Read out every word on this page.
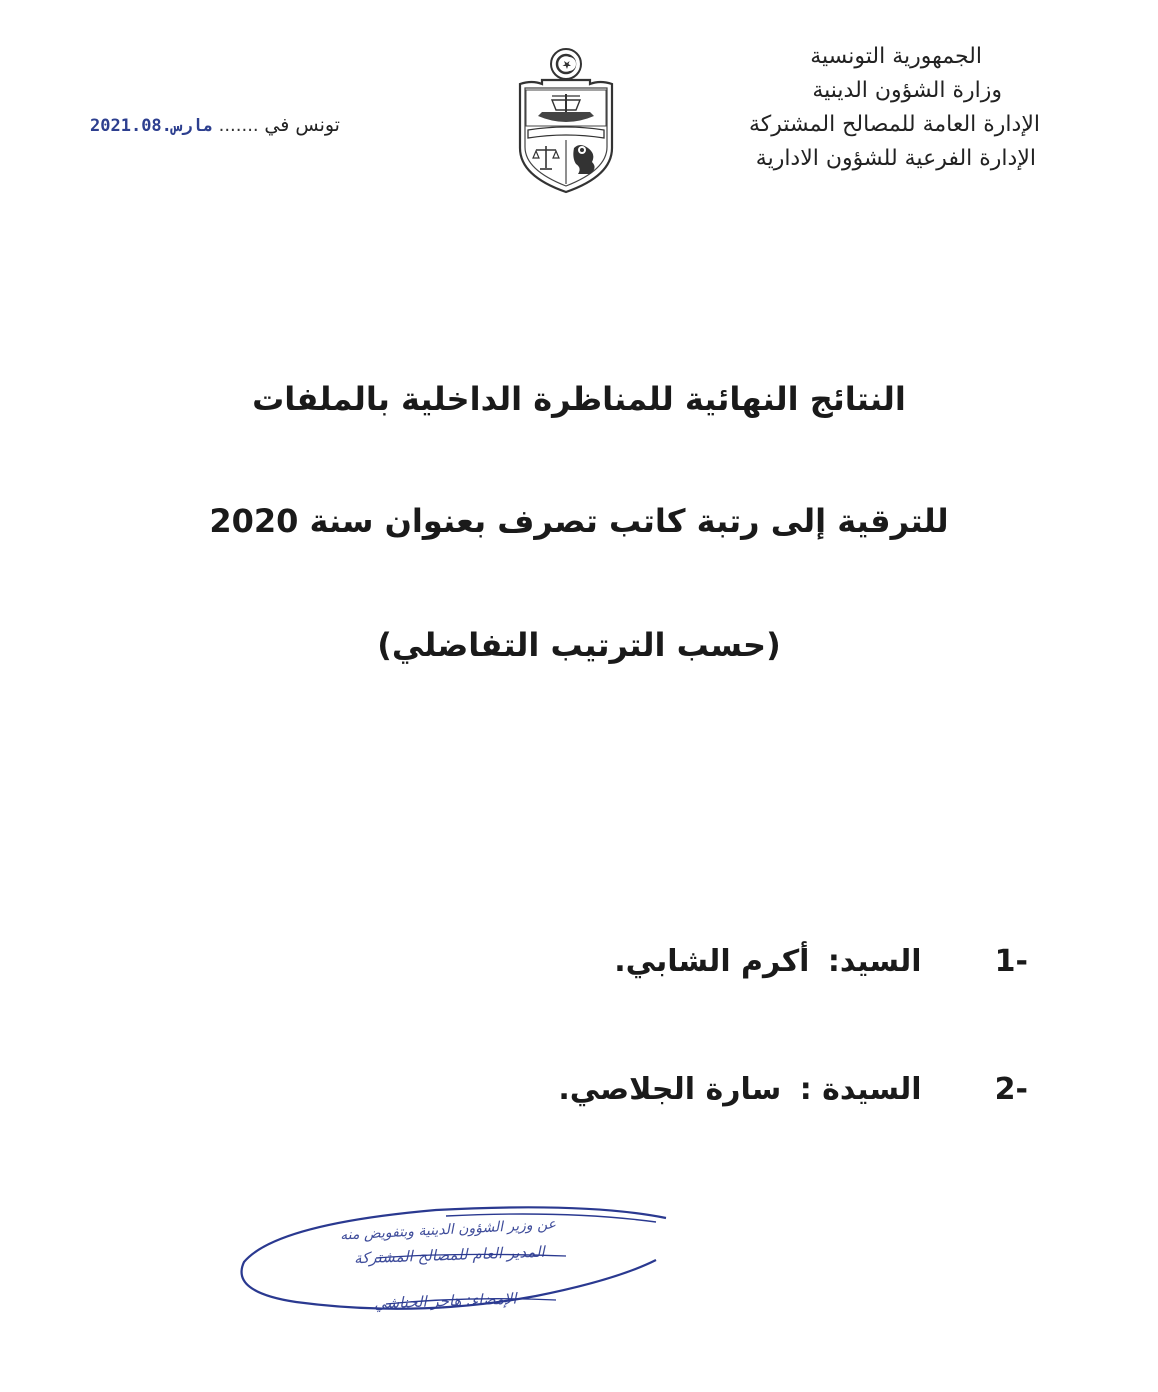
الجمهورية التونسية
وزارة الشؤون الدينية
الإدارة العامة للمصالح المشتركة
الإدارة الفرعية للشؤون الادارية
تونس في ....... 2021.مارس.08
النتائج النهائية للمناظرة الداخلية بالملفات
للترقية إلى رتبة كاتب تصرف بعنوان سنة 2020
(حسب الترتيب التفاضلي)
1- السيد: أكرم الشابي.
2- السيدة : سارة الجلاصي.
عن وزير الشؤون الدينية وبتفويض منه
المدير العام للمصالح المشتركة
الإمضاء: هاجر الحناشي
